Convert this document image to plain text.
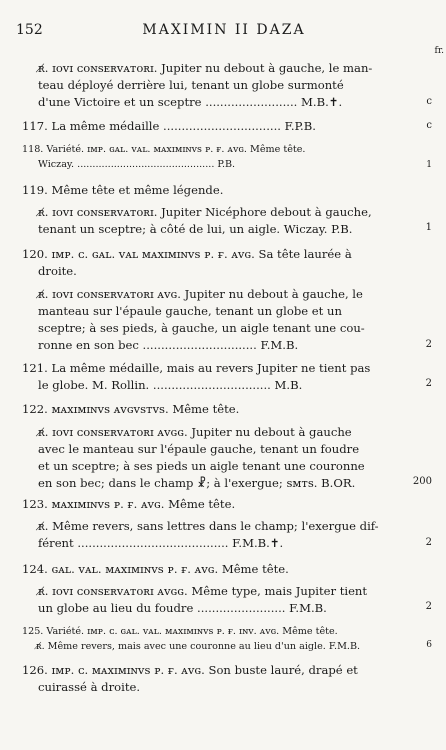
152	MAXIMIN II DAZA
fr.
ʀ̸. ɪᴏᴠɪ ᴄᴏɴsᴇʀᴠᴀᴛᴏʀɪ. Jupiter nu debout à gauche, le man-
teau déployé derrière lui, tenant un globe surmonté
d'une Victoire et un sceptre ......................... M.B.✝.	c
117. La même médaille ................................ F.P.B.	c
118. Variété. ɪᴍᴘ. ɢᴀʟ. ᴠᴀʟ. ᴍᴀxɪᴍɪɴᴠs ᴘ. ғ. ᴀᴠɢ. Même tête.
Wiczay. ............................................. P.B.	1
119. Même tête et même légende.
ʀ̸. ɪᴏᴠɪ ᴄᴏɴsᴇʀᴠᴀᴛᴏʀɪ. Jupiter Nicéphore debout à gauche,
tenant un sceptre; à côté de lui, un aigle. Wiczay. P.B.	1
120. ɪᴍᴘ. ᴄ. ɢᴀʟ. ᴠᴀʟ ᴍᴀxɪᴍɪɴᴠs ᴘ. ғ. ᴀᴠɢ. Sa tête laurée à
droite.
ʀ̸. ɪᴏᴠɪ ᴄᴏɴsᴇʀᴠᴀᴛᴏʀɪ ᴀᴠɢ. Jupiter nu debout à gauche, le
manteau sur l'épaule gauche, tenant un globe et un
sceptre; à ses pieds, à gauche, un aigle tenant une cou-
ronne en son bec ............................... F.M.B.	2
121. La même médaille, mais au revers Jupiter ne tient pas
le globe. M. Rollin. ................................ M.B.	2
122. ᴍᴀxɪᴍɪɴᴠs ᴀᴠɢᴠsᴛᴠs. Même tête.
ʀ̸. ɪᴏᴠɪ ᴄᴏɴsᴇʀᴠᴀᴛᴏʀɪ ᴀᴠɢɢ. Jupiter nu debout à gauche
avec le manteau sur l'épaule gauche, tenant un foudre
et un sceptre; à ses pieds un aigle tenant une couronne
en son bec; dans le champ ☧; à l'exergue; sᴍᴛs. B.OR.	200
123. ᴍᴀxɪᴍɪɴᴠs ᴘ. ғ. ᴀᴠɢ. Même tête.
ʀ̸. Même revers, sans lettres dans le champ; l'exergue dif-
férent ......................................... F.M.B.✝.	2
124. ɢᴀʟ. ᴠᴀʟ. ᴍᴀxɪᴍɪɴᴠs ᴘ. ғ. ᴀᴠɢ. Même tête.
ʀ̸. ɪᴏᴠɪ ᴄᴏɴsᴇʀᴠᴀᴛᴏʀɪ ᴀᴠɢɢ. Même type, mais Jupiter tient
un globe au lieu du foudre ........................ F.M.B.	2
125. Variété. ɪᴍᴘ. ᴄ. ɢᴀʟ. ᴠᴀʟ. ᴍᴀxɪᴍɪɴᴠs ᴘ. ғ. ɪɴᴠ. ᴀᴠɢ. Même tête.
ʀ̸. Même revers, mais avec une couronne au lieu d'un aigle. F.M.B.	6
126. ɪᴍᴘ. ᴄ. ᴍᴀxɪᴍɪɴᴠs ᴘ. ғ. ᴀᴠɢ. Son buste lauré, drapé et
cuirassé à droite.
